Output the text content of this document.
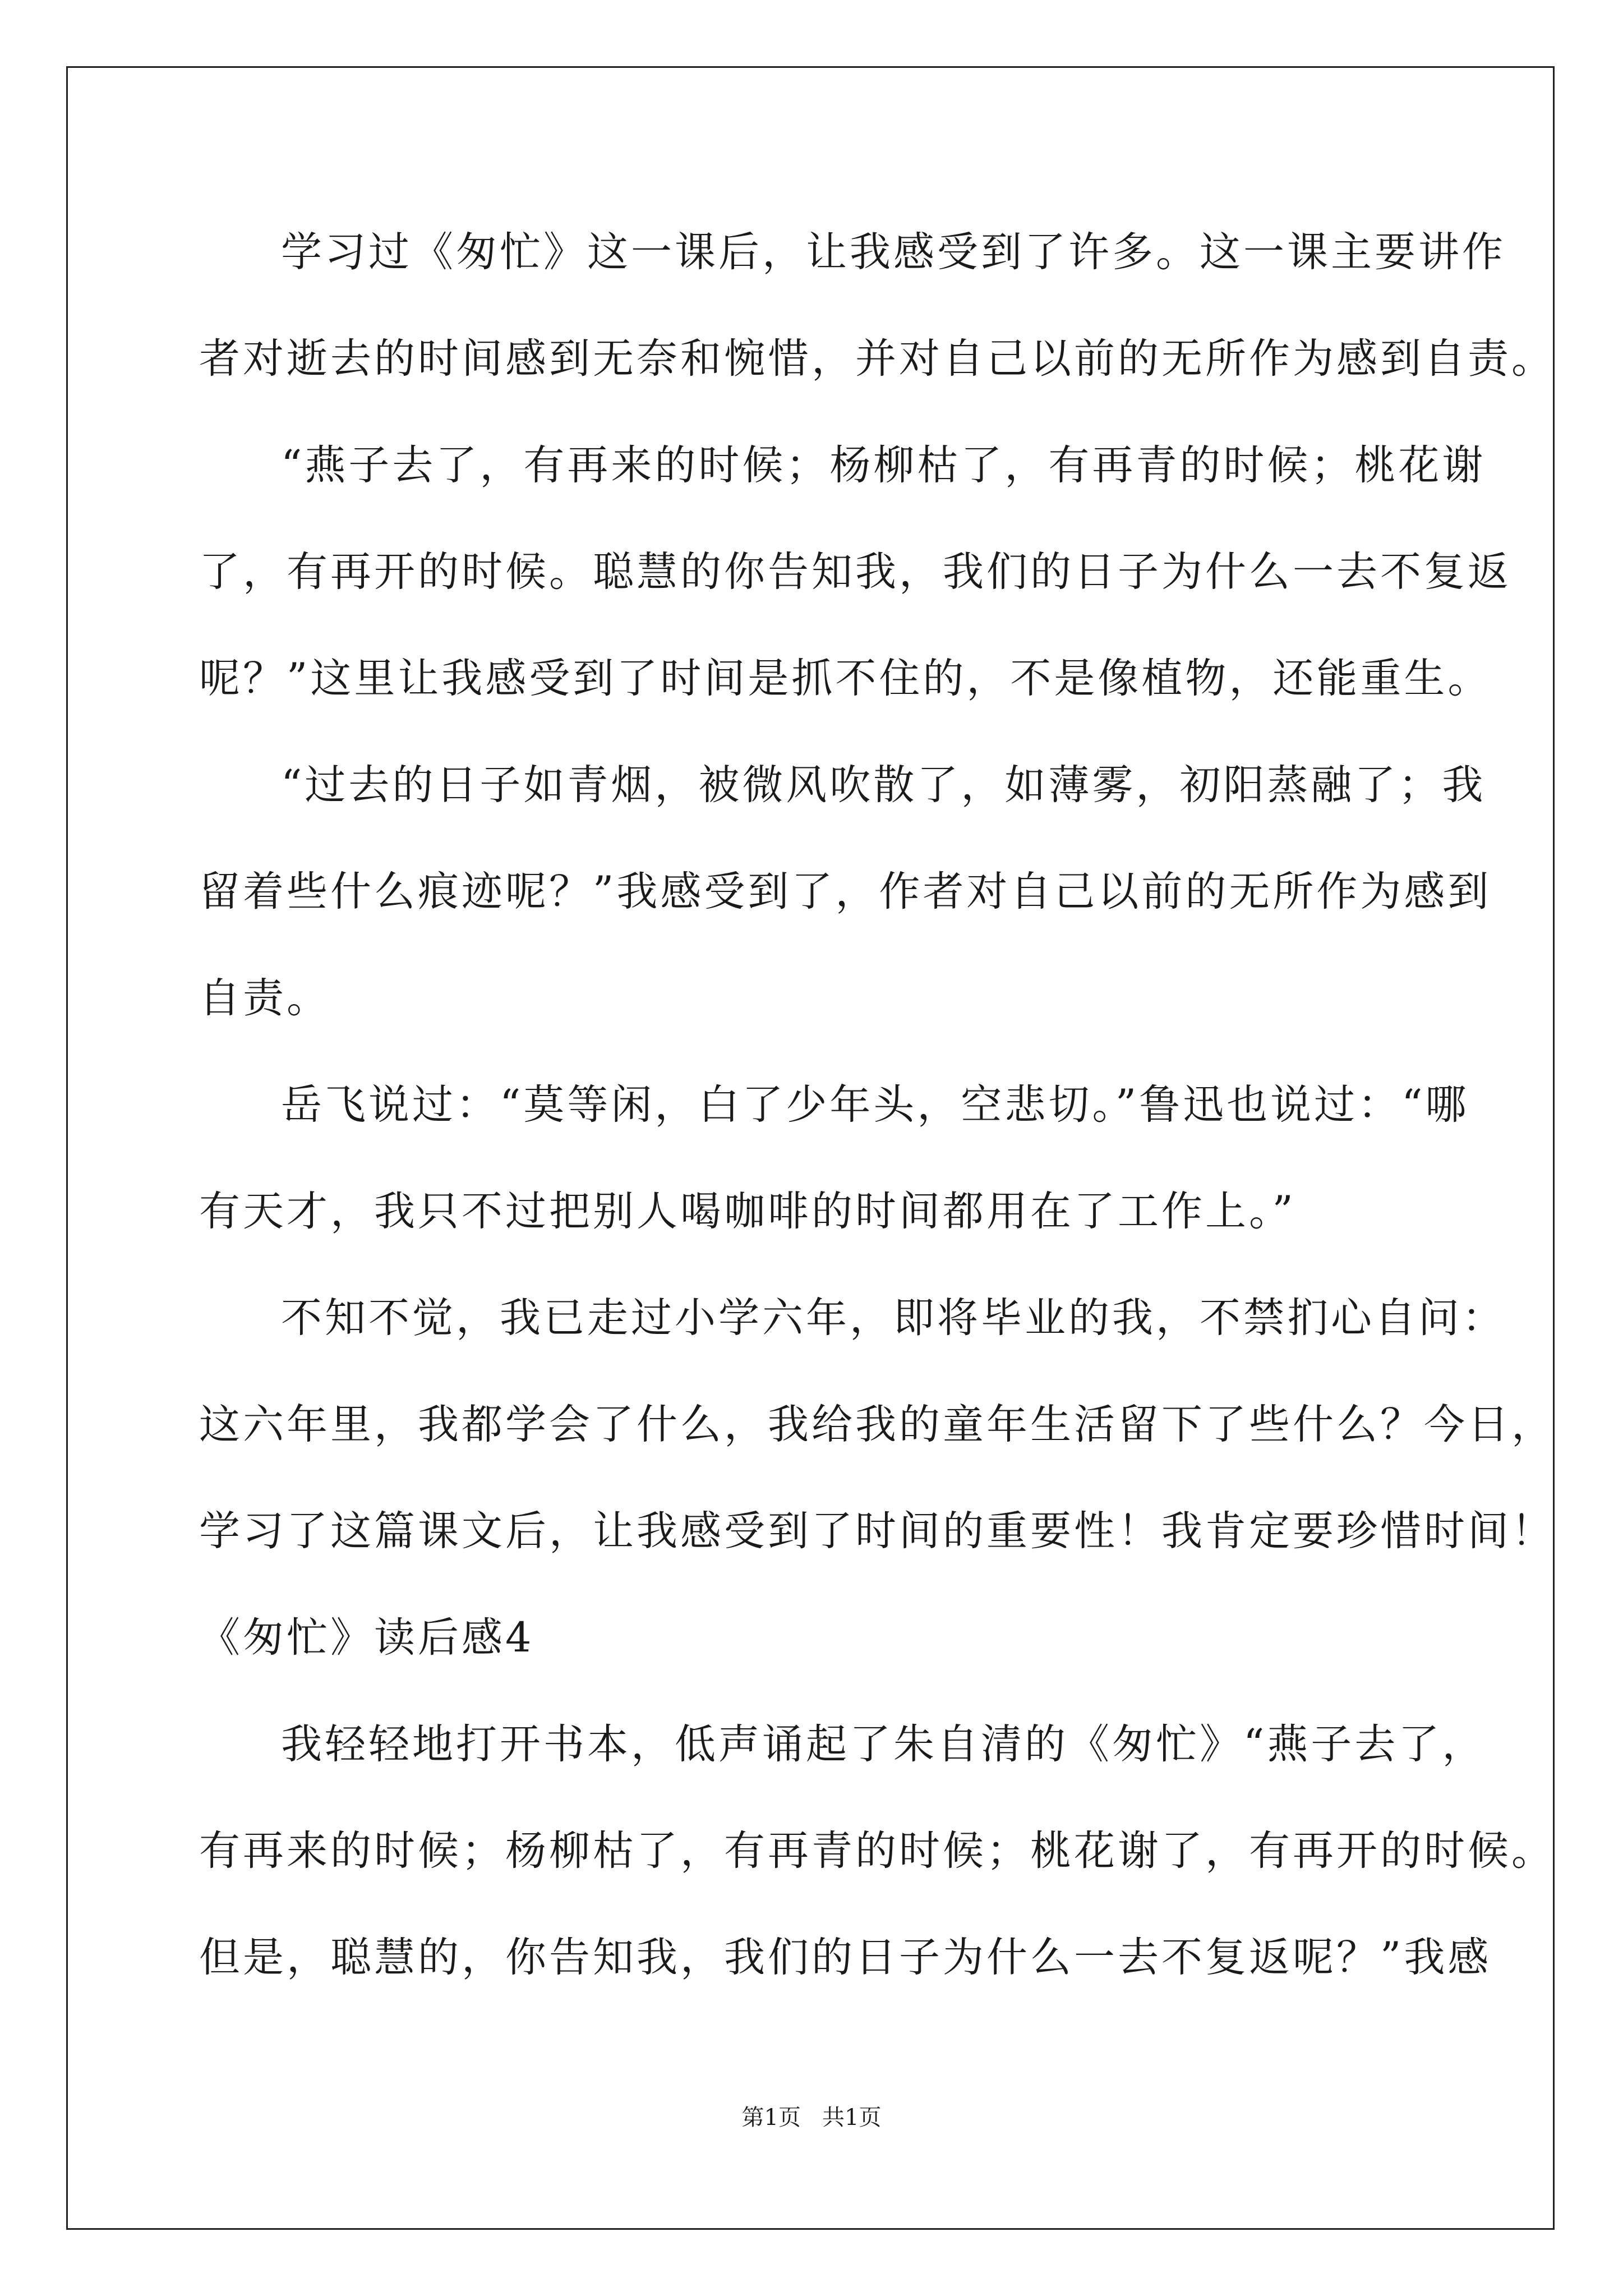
学习过《匆忙》这一课后，让我感受到了许多。这一课主要讲作
者对逝去的时间感到无奈和惋惜，并对自己以前的无所作为感到自责。
“燕子去了，有再来的时候；杨柳枯了，有再青的时候；桃花谢
了，有再开的时候。聪慧的你告知我，我们的日子为什么一去不复返
呢？”这里让我感受到了时间是抓不住的，不是像植物，还能重生。
“过去的日子如青烟，被微风吹散了，如薄雾，初阳蒸融了；我
留着些什么痕迹呢？”我感受到了，作者对自己以前的无所作为感到
自责。
岳飞说过：“莫等闲，白了少年头，空悲切。”鲁迅也说过：“哪
有天才，我只不过把别人喝咖啡的时间都用在了工作上。”
不知不觉，我已走过小学六年，即将毕业的我，不禁扪心自问：
这六年里，我都学会了什么，我给我的童年生活留下了些什么？今日，
学习了这篇课文后，让我感受到了时间的重要性！我肯定要珍惜时间！
《匆忙》读后感4
我轻轻地打开书本，低声诵起了朱自清的《匆忙》“燕子去了，
有再来的时候；杨柳枯了，有再青的时候；桃花谢了，有再开的时候。
但是，聪慧的，你告知我，我们的日子为什么一去不复返呢？”我感
第1页 共1页
